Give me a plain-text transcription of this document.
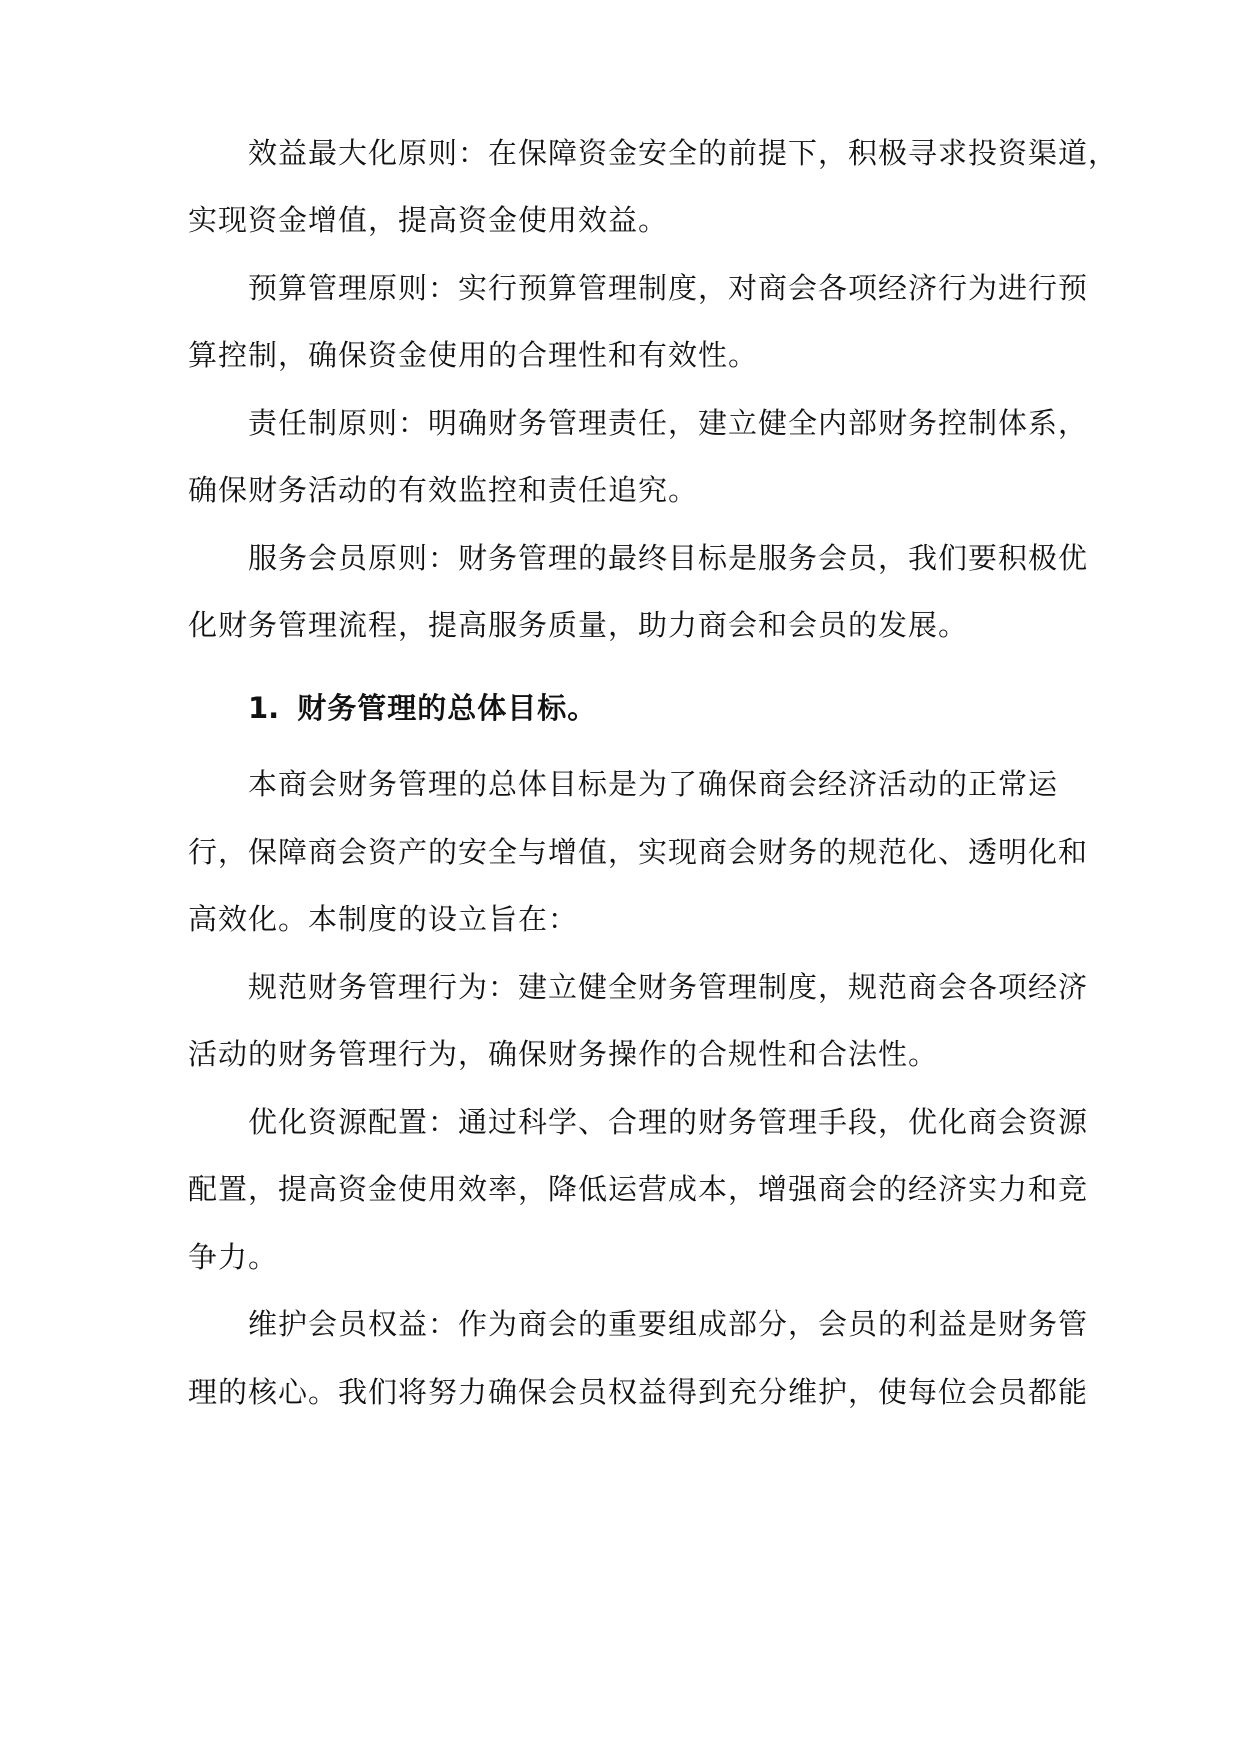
效益最大化原则：在保障资金安全的前提下，积极寻求投资渠道，
实现资金增值，提高资金使用效益。
预算管理原则：实行预算管理制度，对商会各项经济行为进行预
算控制，确保资金使用的合理性和有效性。
责任制原则：明确财务管理责任，建立健全内部财务控制体系，
确保财务活动的有效监控和责任追究。
服务会员原则：财务管理的最终目标是服务会员，我们要积极优
化财务管理流程，提高服务质量，助力商会和会员的发展。
1. 财务管理的总体目标。
本商会财务管理的总体目标是为了确保商会经济活动的正常运
行，保障商会资产的安全与增值，实现商会财务的规范化、透明化和
高效化。本制度的设立旨在：
规范财务管理行为：建立健全财务管理制度，规范商会各项经济
活动的财务管理行为，确保财务操作的合规性和合法性。
优化资源配置：通过科学、合理的财务管理手段，优化商会资源
配置，提高资金使用效率，降低运营成本，增强商会的经济实力和竞
争力。
维护会员权益：作为商会的重要组成部分，会员的利益是财务管
理的核心。我们将努力确保会员权益得到充分维护，使每位会员都能
